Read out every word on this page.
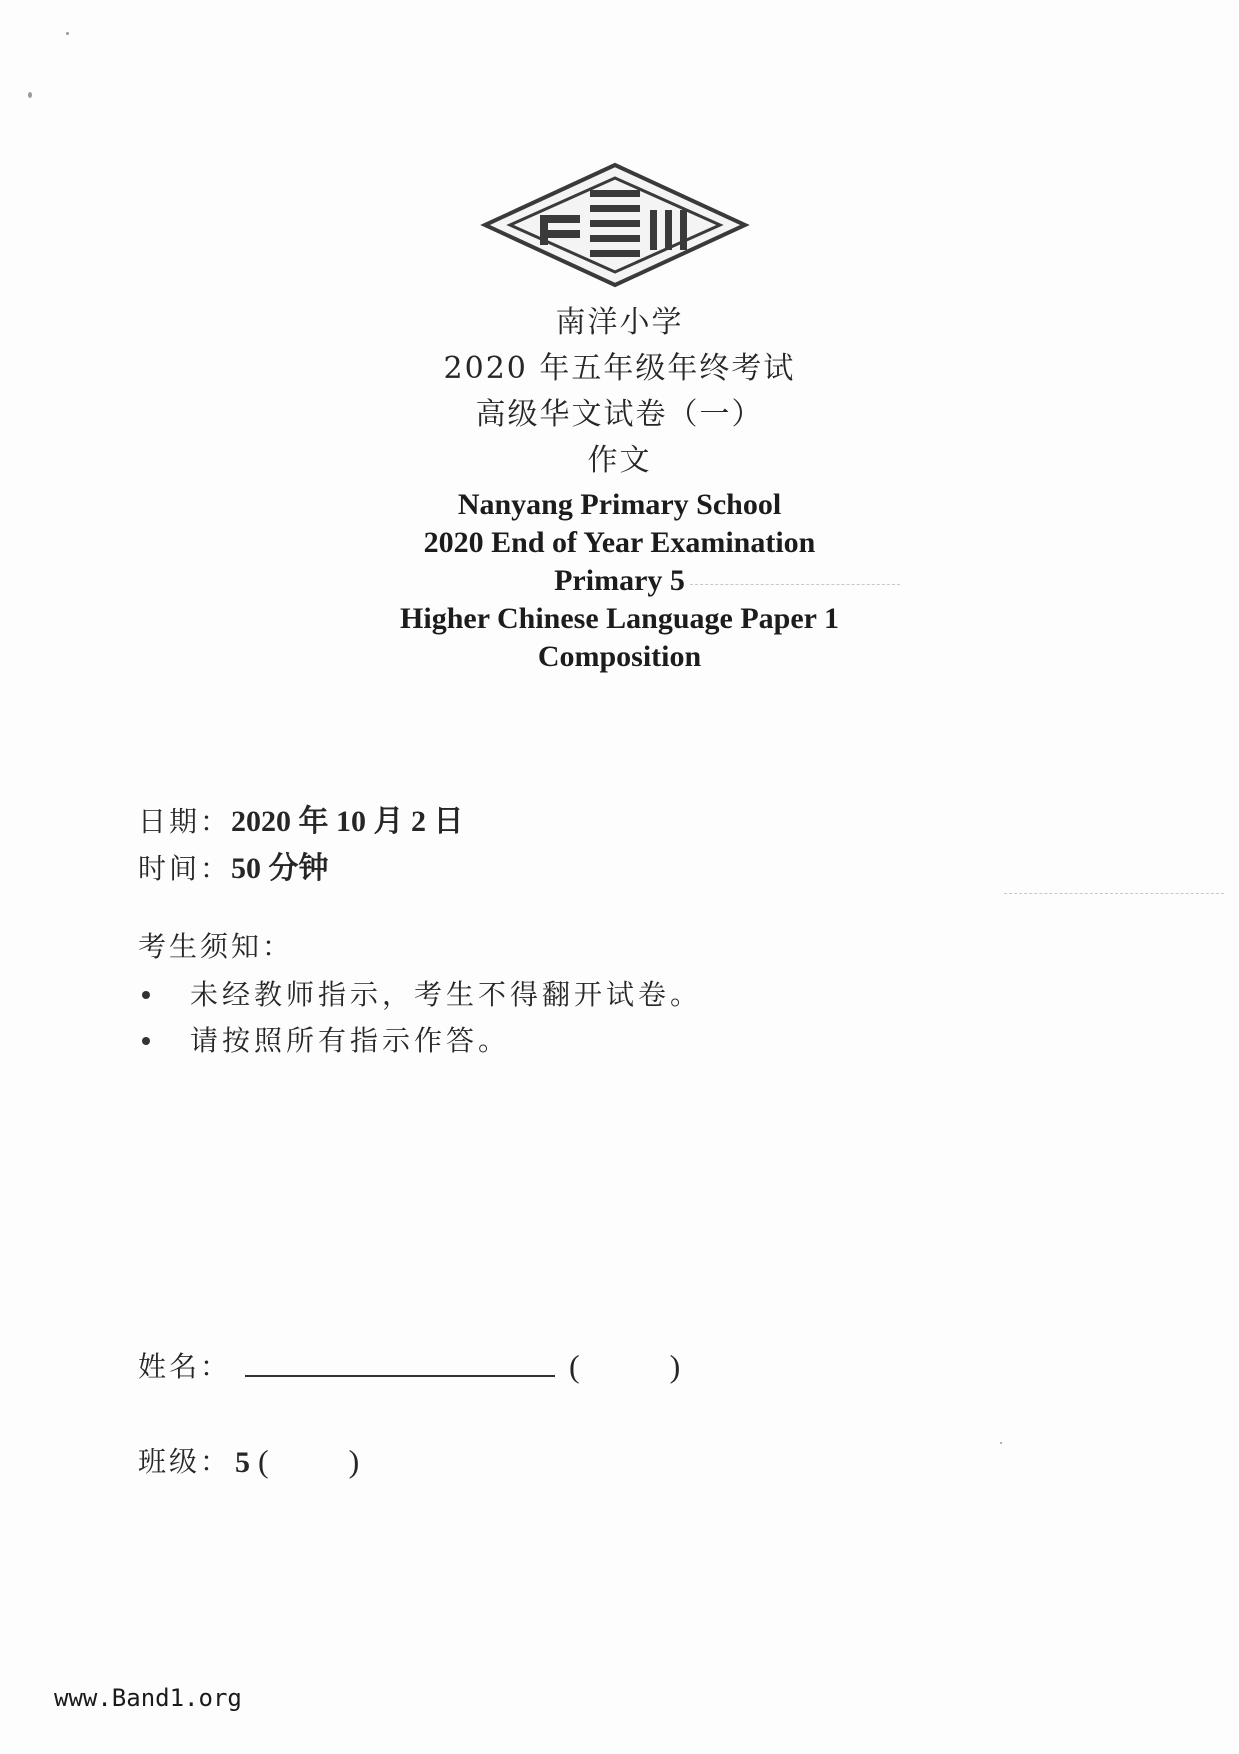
南洋小学
2020 年五年级年终考试
高级华文试卷（一）
作文
Nanyang Primary School
2020 End of Year Examination
Primary 5
Higher Chinese Language Paper 1
Composition
日期：2020 年 10 月 2 日
时间：50 分钟
考生须知：
未经教师指示，考生不得翻开试卷。
请按照所有指示作答。
姓名：	(	)
班级： 5 (	)
www.Band1.org
